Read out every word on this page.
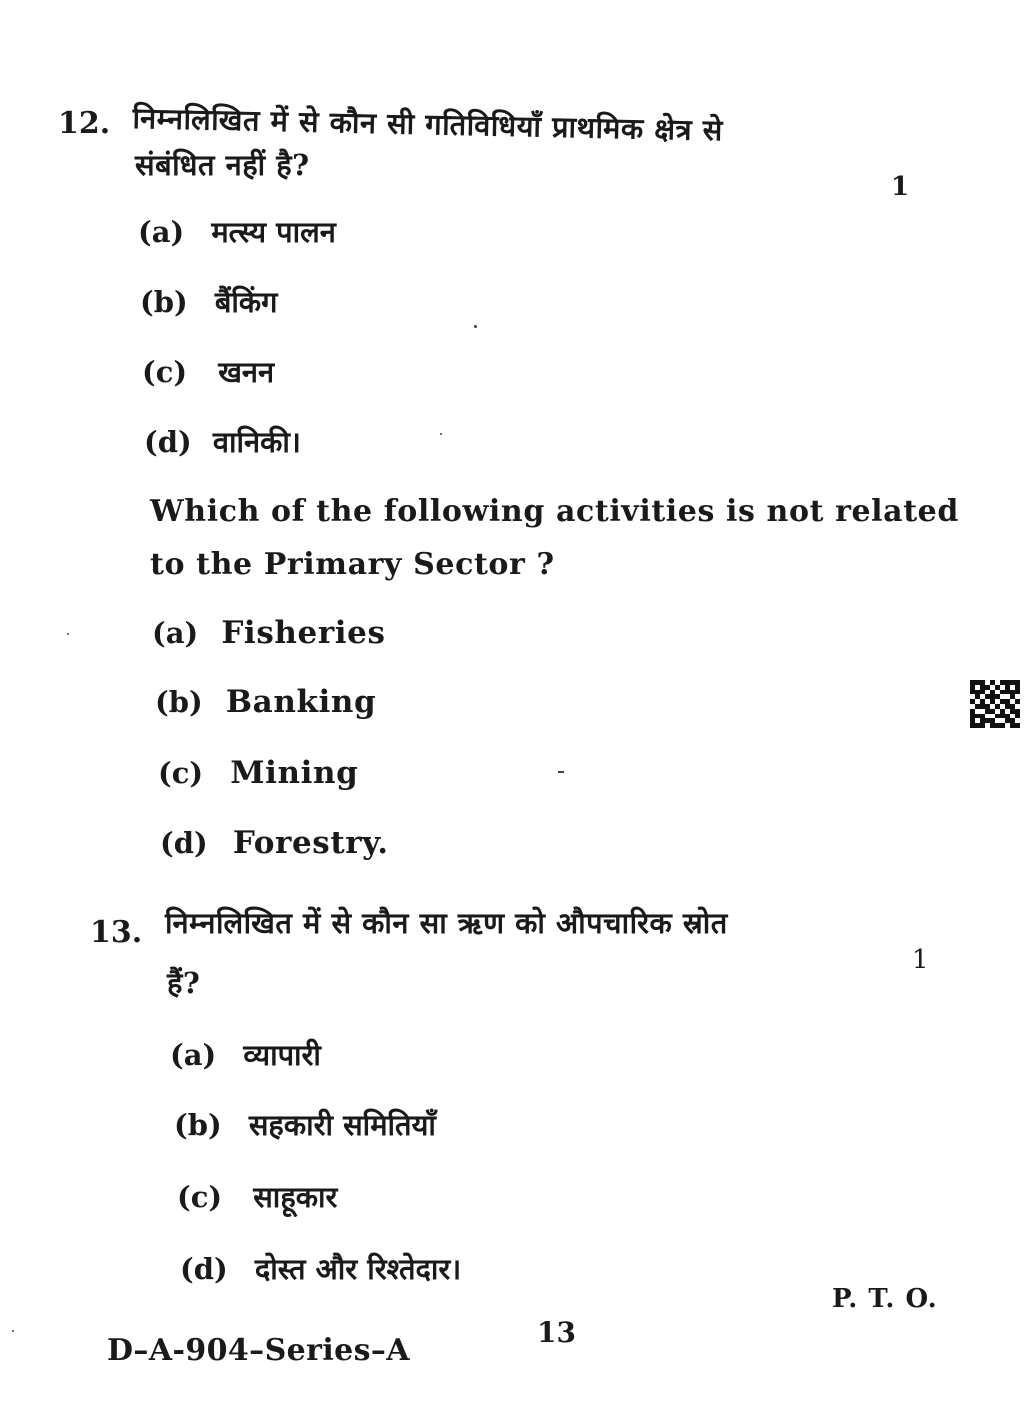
12. निम्नलिखित में से कौन सी गतिविधियाँ प्राथमिक क्षेत्र से
संबंधित नहीं है?
1
(a) मत्स्य पालन
(b) बैंकिंग
(c) खनन
(d) वानिकी।
Which of the following activities is not related
to the Primary Sector ?
(a) Fisheries
(b) Banking
(c) Mining
(d) Forestry.
13. निम्नलिखित में से कौन सा ऋण को औपचारिक स्रोत
हैं?
1
(a) व्यापारी
(b) सहकारी समितियाँ
(c) साहूकार
(d) दोस्त और रिश्तेदार।
P. T. O.
13
D–A-904–Series–A
